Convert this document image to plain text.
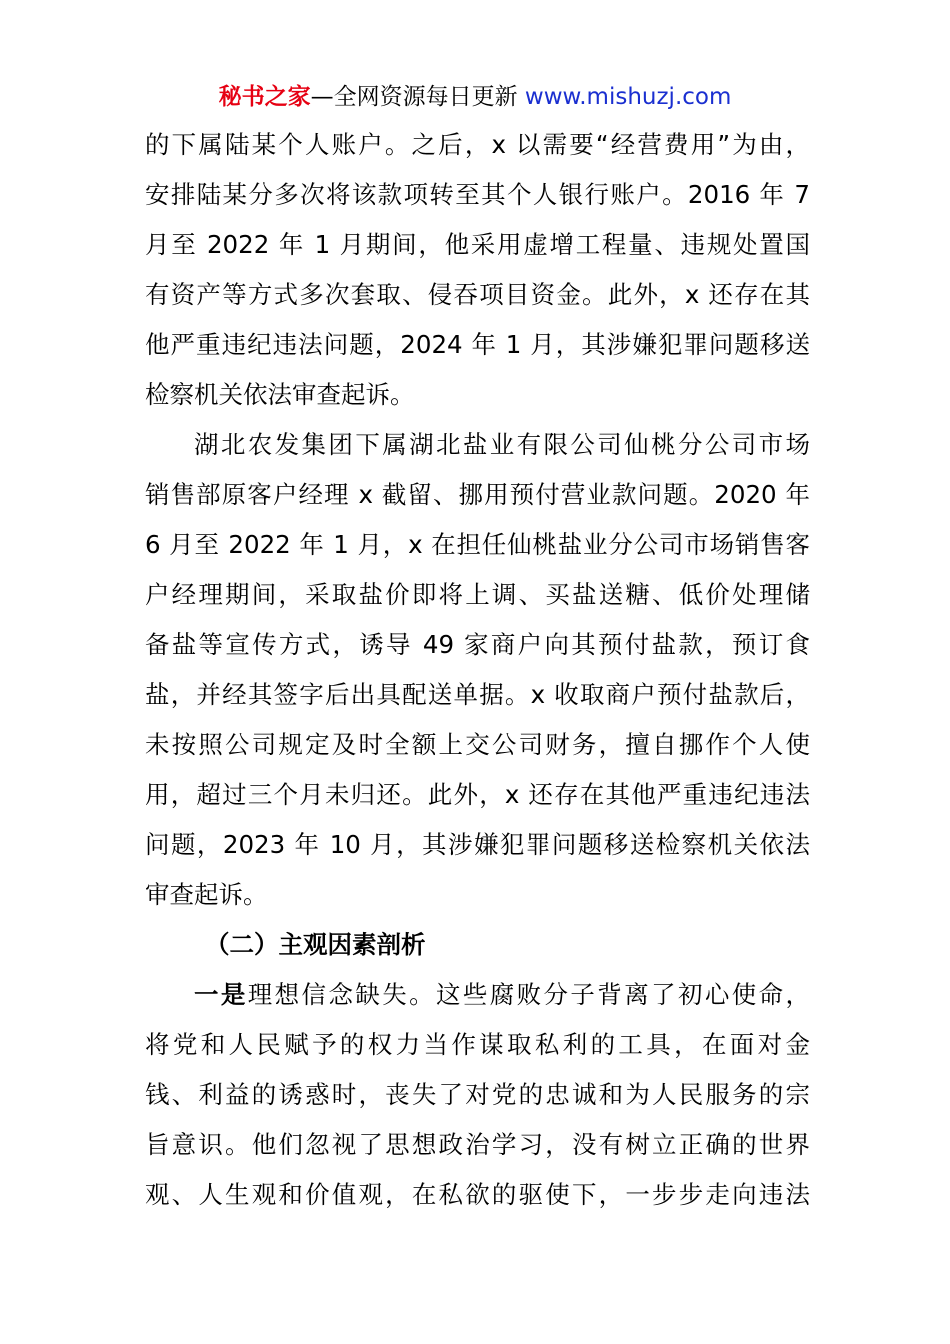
秘书之家—全网资源每日更新 www.mishuzj.com
的下属陆某个人账户。之后，x 以需要“经营费用”为由，
安排陆某分多次将该款项转至其个人银行账户。2016 年 7
月至 2022 年 1 月期间，他采用虚增工程量、违规处置国
有资产等方式多次套取、侵吞项目资金。此外，x 还存在其
他严重违纪违法问题，2024 年 1 月，其涉嫌犯罪问题移送
检察机关依法审查起诉。
湖北农发集团下属湖北盐业有限公司仙桃分公司市场
销售部原客户经理 x 截留、挪用预付营业款问题。2020 年
6 月至 2022 年 1 月，x 在担任仙桃盐业分公司市场销售客
户经理期间，采取盐价即将上调、买盐送糖、低价处理储
备盐等宣传方式，诱导 49 家商户向其预付盐款，预订食
盐，并经其签字后出具配送单据。x 收取商户预付盐款后，
未按照公司规定及时全额上交公司财务，擅自挪作个人使
用，超过三个月未归还。此外，x 还存在其他严重违纪违法
问题，2023 年 10 月，其涉嫌犯罪问题移送检察机关依法
审查起诉。
（二）主观因素剖析
一是理想信念缺失。这些腐败分子背离了初心使命，
将党和人民赋予的权力当作谋取私利的工具，在面对金
钱、利益的诱惑时，丧失了对党的忠诚和为人民服务的宗
旨意识。他们忽视了思想政治学习，没有树立正确的世界
观、人生观和价值观，在私欲的驱使下，一步步走向违法
